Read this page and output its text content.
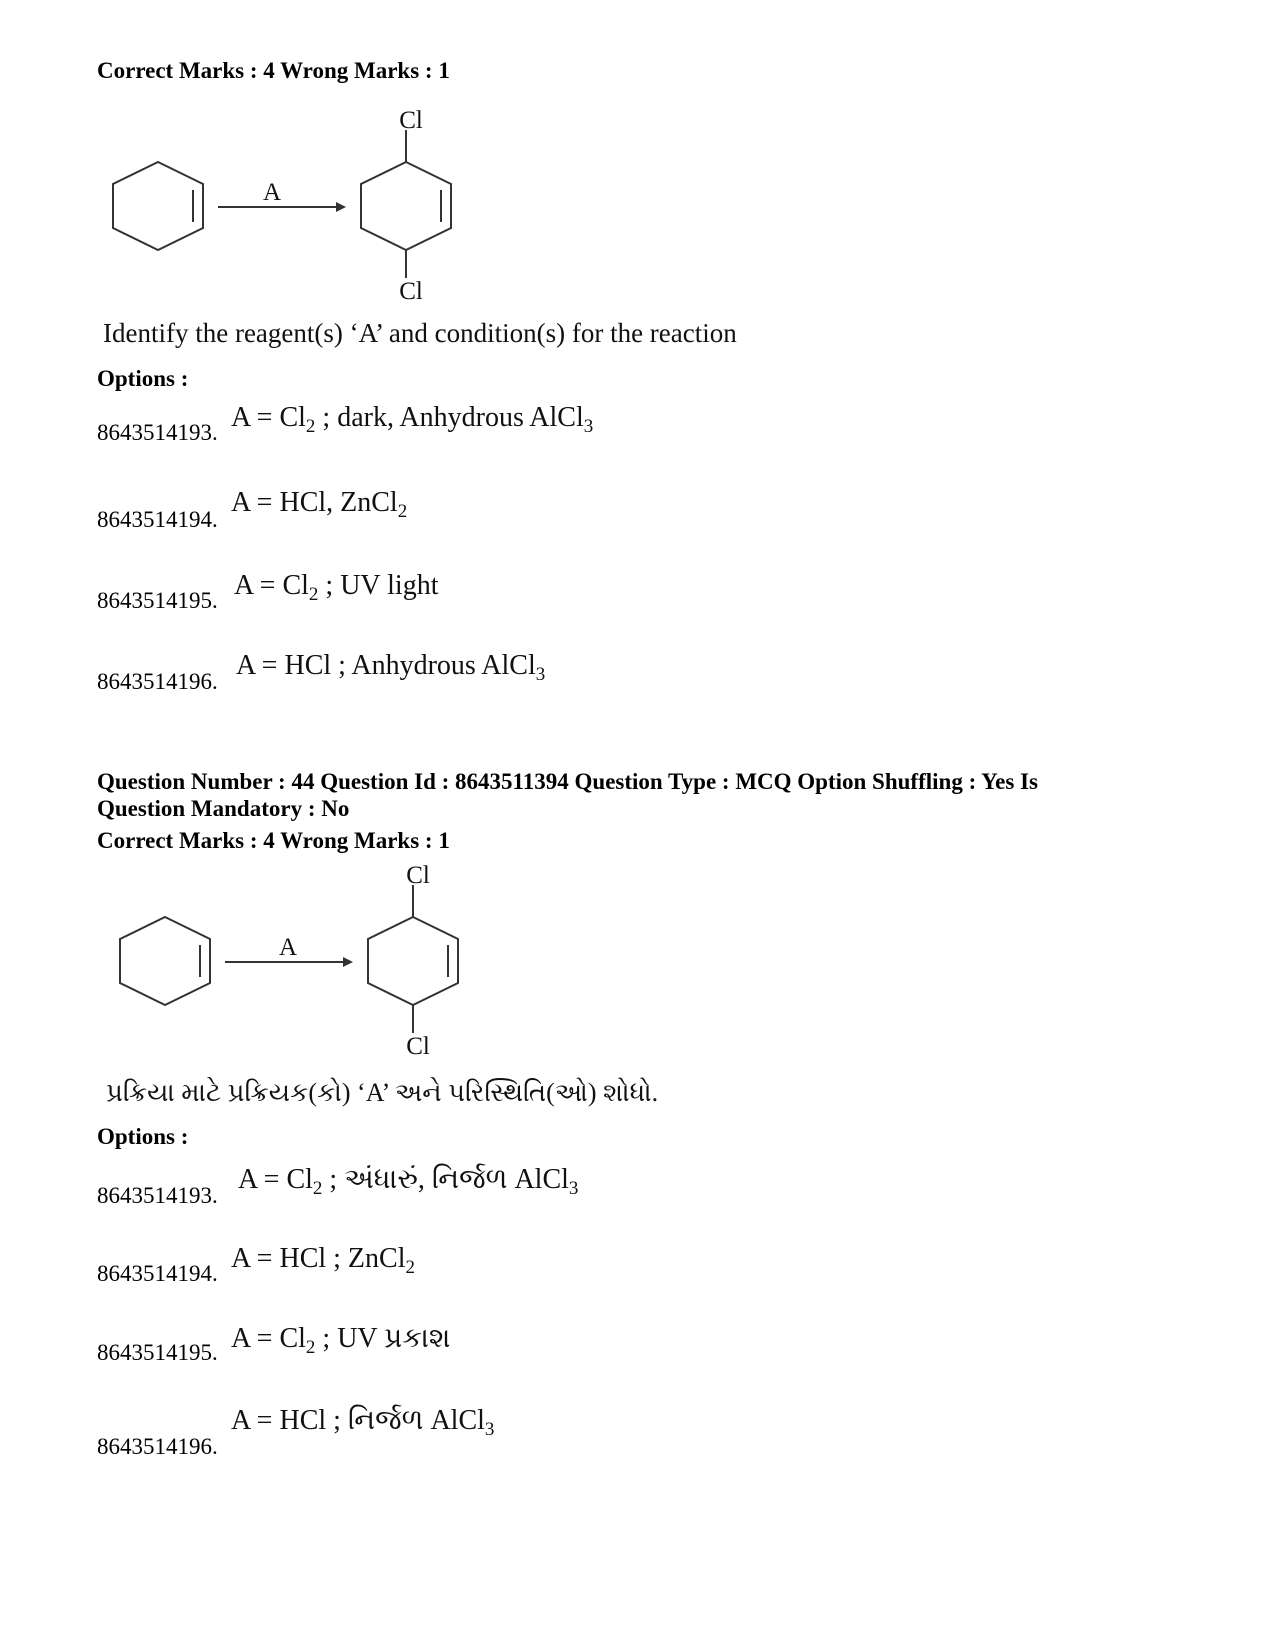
Correct Marks : 4 Wrong Marks : 1
A
Cl
Cl
Identify the reagent(s) ‘A’ and condition(s) for the reaction
Options :
8643514193. $A = Cl_2$ ; dark, Anhydrous AlCl$_3$
8643514194.
A = HCl, ZnCl$_2$
8643514195. $A = Cl_2$ ; UV light
8643514196.
A = HCl ; Anhydrous AlCl$_3$
Question Number : 44 Question Id : 8643511394 Question Type : MCQ Option Shuffling : Yes Is
Question Mandatory : No
Correct Marks : 4 Wrong Marks : 1
A
Cl
Cl
પ્રક્રિયા માટે પ્રક્રિયક(કો) ‘A’ અને પરિસ્થિતિ(ઓ) શોધો.
Options :
8643514193.
$A = Cl_2$ ; અંધારું, નિર્જળ AlCl$_3$
8643514194. A = HCl ; ZnCl$_2$
8643514195. $A = Cl_2$ ; UV પ્રકાશ
8643514196.
A = HCl ; નિર્જળ AlCl$_3$
